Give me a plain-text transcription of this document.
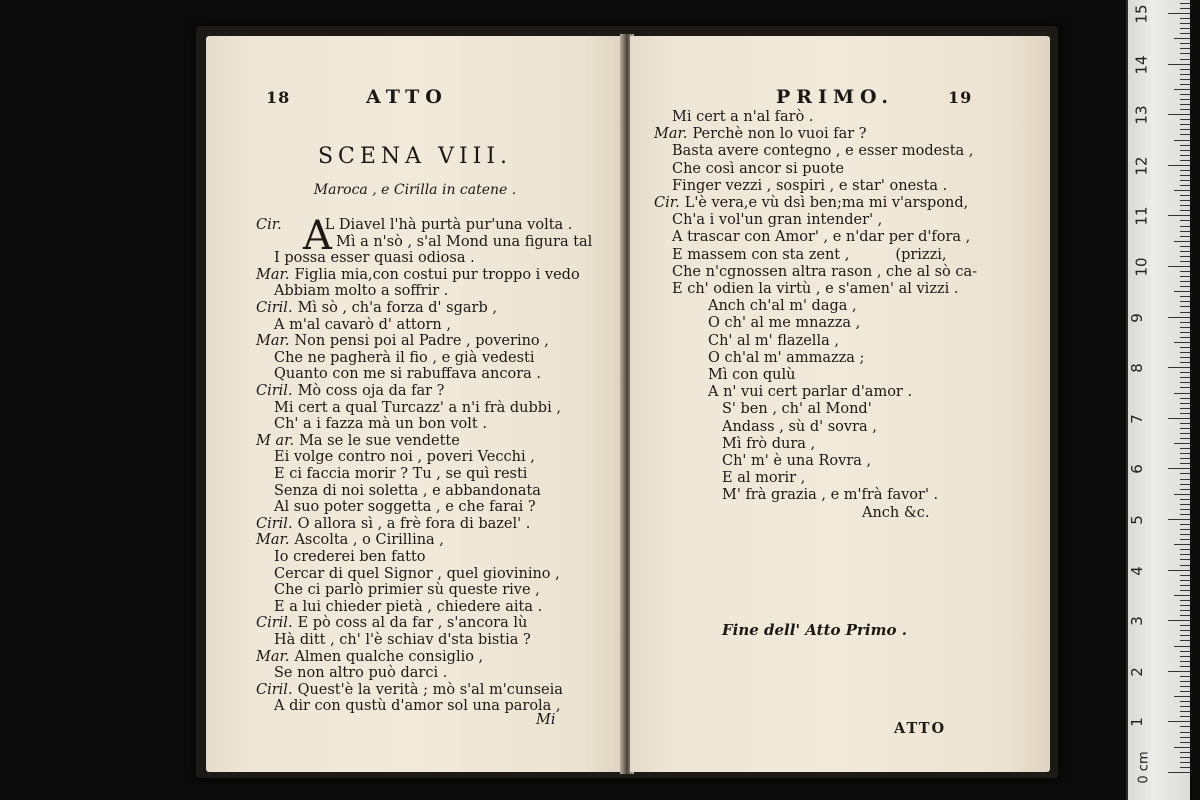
18	ATTO
SCENA VIII.
Maroca , e Cirilla in catene .
A
Cir.	L Diavel l'hà purtà pur'una volta .
Mì a n'sò , s'al Mond una figura tal
I possa esser quasi odiosa .
Mar. Figlia mia,con costui pur troppo i vedo
Abbiam molto a soffrir .
Ciril. Mì sò , ch'a forza d' sgarb ,
A m'al cavarò d' attorn ,
Mar. Non pensi poi al Padre , poverino ,
Che ne pagherà il fio , e già vedesti
Quanto con me si rabuffava ancora .
Ciril. Mò coss oja da far ?
Mi cert a qual Turcazz' a n'i frà dubbi ,
Ch' a i fazza mà un bon volt .
M ar. Ma se le sue vendette
Ei volge contro noi , poveri Vecchi ,
E ci faccia morir ? Tu , se quì resti
Senza di noi soletta , e abbandonata
Al suo poter soggetta , e che farai ?
Ciril. O allora sì , a frè fora di bazel' .
Mar. Ascolta , o Cirillina ,
Io crederei ben fatto
Cercar di quel Signor , quel giovinino ,
Che ci parlò primier sù queste rive ,
E a lui chieder pietà , chiedere aita .
Ciril. E pò coss al da far , s'ancora lù
Hà ditt , ch' l'è schiav d'sta bistia ?
Mar. Almen qualche consiglio ,
Se non altro può darci .
Ciril. Quest'è la verità ; mò s'al m'cunseia
A dir con qustù d'amor sol una parola ,
Mi
PRIMO.	19
Mi cert a n'al farò .
Mar. Perchè non lo vuoi far ?
Basta avere contegno , e esser modesta ,
Che così ancor si puote
Finger vezzi , sospiri , e star' onesta .
Cir. L'è vera,e vù dsì ben;ma mi v'arspond,
Ch'a i vol'un gran intender' ,
A trascar con Amor' , e n'dar per d'fora ,
E massem con sta zent ,          (prizzi,
Che n'cgnossen altra rason , che al sò ca-
E ch' odien la virtù , e s'amen' al vizzi .
Anch ch'al m' daga ,
O ch' al me mnazza ,
Ch' al m' flazella ,
O ch'al m' ammazza ;
Mì con qulù
A n' vui cert parlar d'amor .
S' ben , ch' al Mond'
Andass , sù d' sovra ,
Mì frò dura ,
Ch' m' è una Rovra ,
E al morir ,
M' frà grazia , e m'frà favor' .
Anch &c.
Fine dell' Atto Primo .
ATTO
0 cm
1
2
3
4
5
6
7
8
9
10
11
12
13
14
15
